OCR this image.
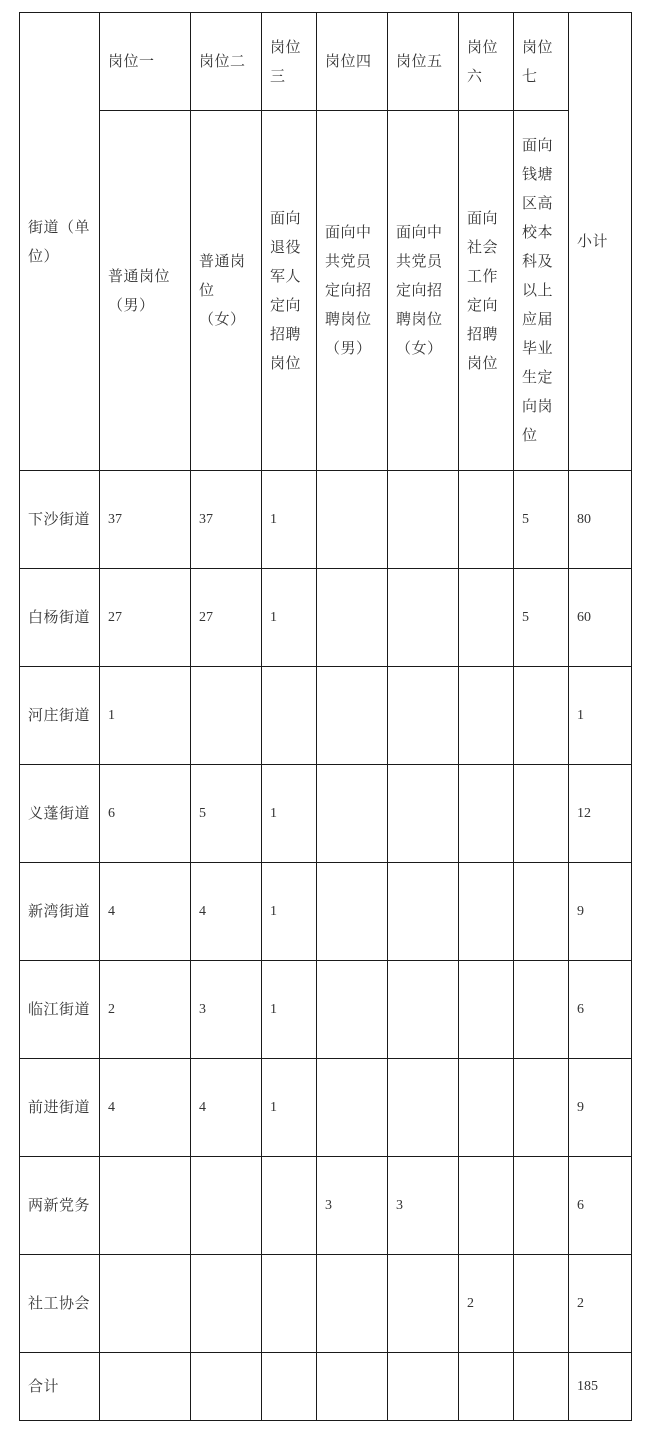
街道（单位）	岗位一	岗位二	岗位三	岗位四	岗位五	岗位六	岗位七	小计
	普通岗位（男）	普通岗位（女）	面向退役军人定向招聘岗位	面向中共党员定向招聘岗位（男）	面向中共党员定向招聘岗位（女）	面向社会工作定向招聘岗位	面向钱塘区高校本科及以上应届毕业生定向岗位	
下沙街道	37	37	1				5	80
白杨街道	27	27	1				5	60
河庄街道	1							1
义蓬街道	6	5	1					12
新湾街道	4	4	1					9
临江街道	2	3	1					6
前进街道	4	4	1					9
两新党务				3	3			6
社工协会						2		2
合计								185
